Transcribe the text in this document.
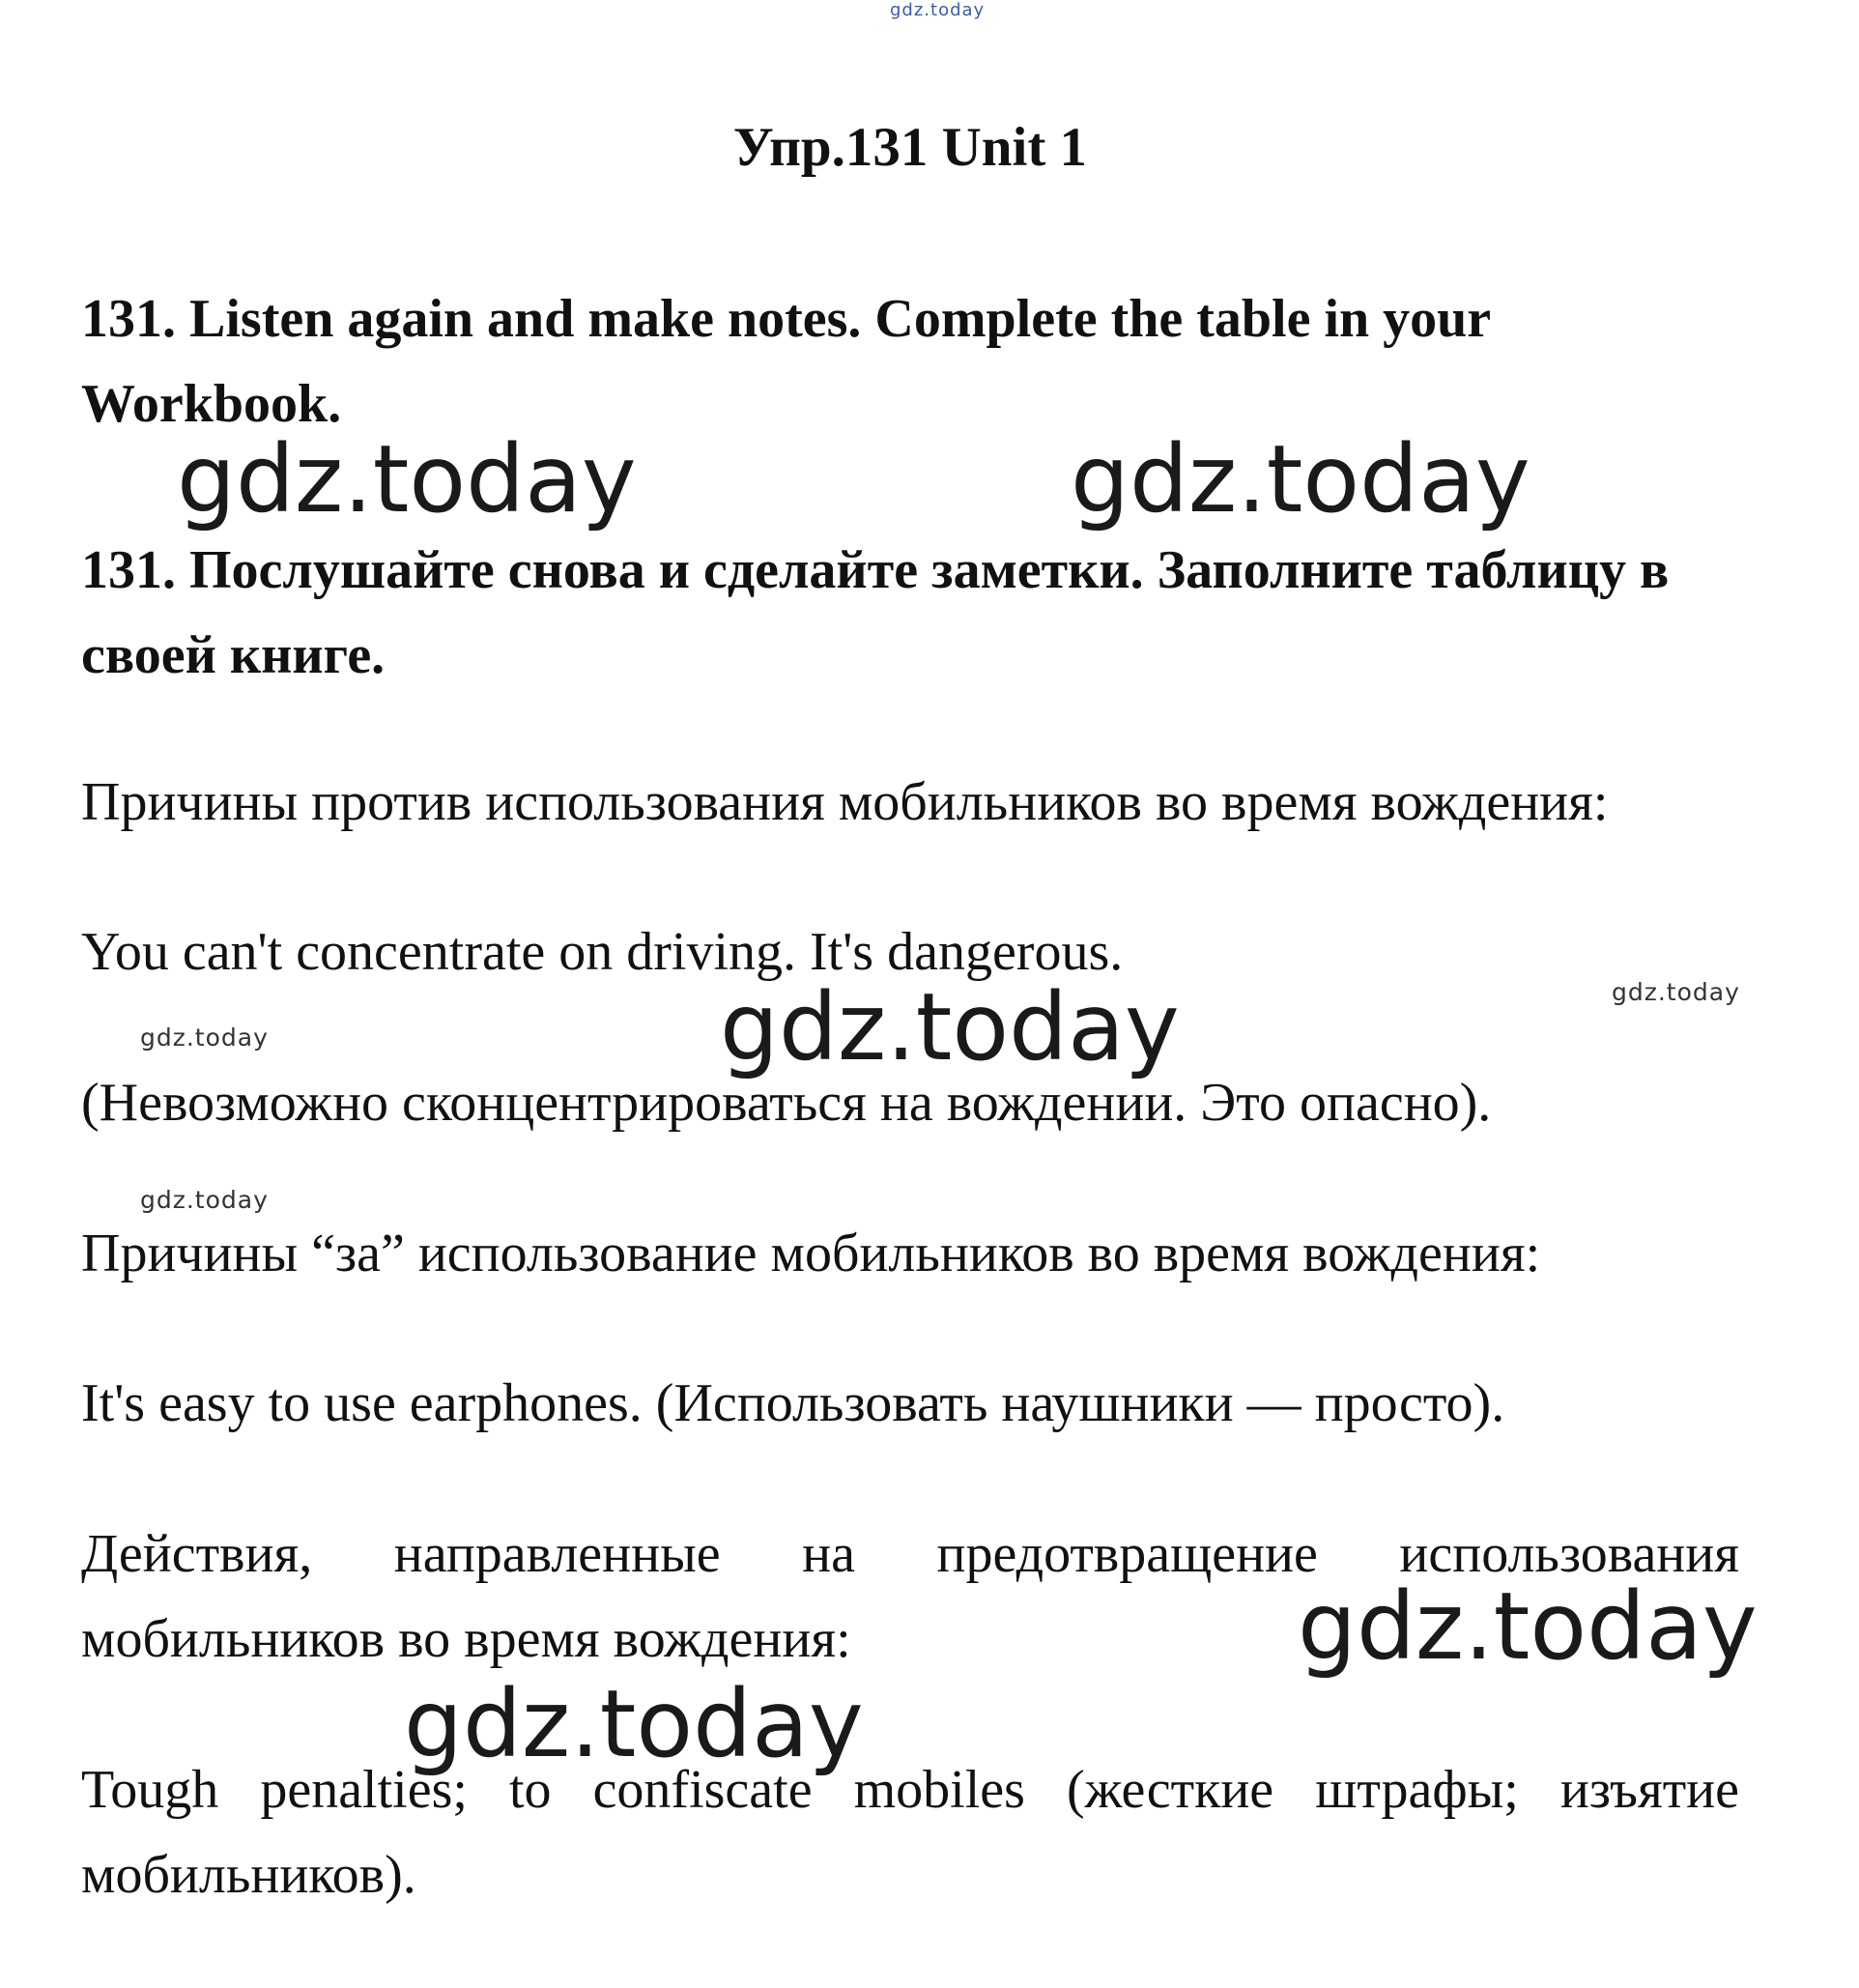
gdz.today
Упр.131 Unit 1
131. Listen again and make notes. Complete the table in your
Workbook.
gdz.today	gdz.today
131. Послушайте снова и сделайте заметки. Заполните таблицу в
своей книге.
Причины против использования мобильников во время вождения:
You can't concentrate on driving. It's dangerous.
gdz.today
gdz.today
gdz.today
(Невозможно сконцентрироваться на вождении. Это опасно).
gdz.today
Причины “за” использование мобильников во время вождения:
It's easy to use earphones. (Использовать наушники — просто).
Действия, направленные на предотвращение использования
мобильников во время вождения:	gdz.today
gdz.today
Tough penalties; to confiscate mobiles (жесткие штрафы; изъятие
мобильников).
